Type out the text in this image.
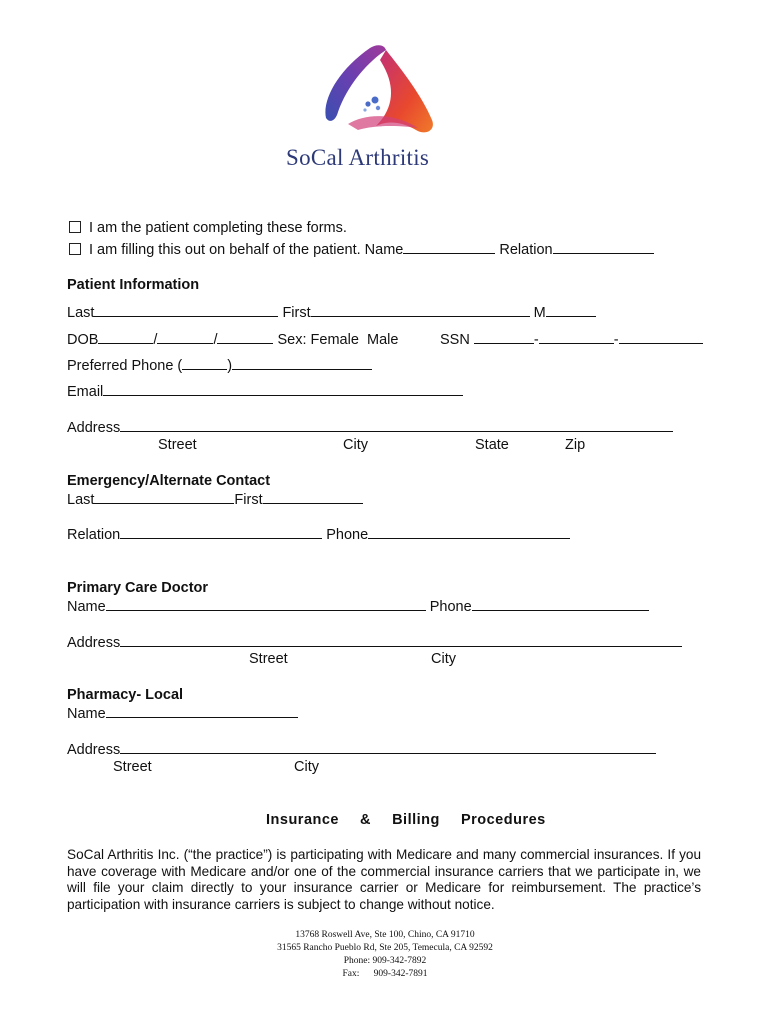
SoCal Arthritis
I am the patient completing these forms.
I am filling this out on behalf of the patient. Name	Relation
Patient Information
Last	First	M
DOB	/	/	Sex: Female Male	SSN	-	-
Preferred Phone (	)
Email
Address
Street	City	State	Zip
Emergency/Alternate Contact
Last	First
Relation	Phone
Primary Care Doctor
Name	Phone
Address
Street	City
Pharmacy- Local
Name
Address
Street	City
Insurance  &  Billing  Procedures
SoCal Arthritis Inc. (“the practice”) is participating with Medicare and many commercial insurances. If you have coverage with Medicare and/or one of the commercial insurance carriers that we participate in, we will file your claim directly to your insurance carrier or Medicare for reimbursement. The practice’s participation with insurance carriers is subject to change without notice.
13768 Roswell Ave, Ste 100, Chino, CA 91710
31565 Rancho Pueblo Rd, Ste 205, Temecula, CA 92592
Phone: 909-342-7892
Fax:      909-342-7891
